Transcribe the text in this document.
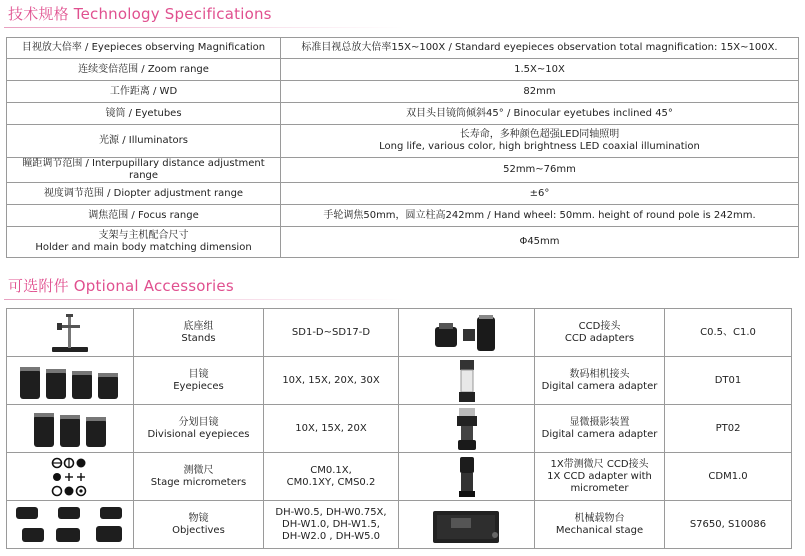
技术规格 Technology Specifications
目视放大倍率 / Eyepieces observing Magnification	标准目视总放大倍率15X~100X / Standard eyepieces observation total magnification: 15X~100X.
连续变倍范围 / Zoom range	1.5X~10X
工作距离 / WD	82mm
镜筒 / Eyetubes	双目头目镜筒倾斜45° / Binocular eyetubes inclined 45°
光源 / Illuminators	长寿命，多种颜色超强LED同轴照明
Long life, various color, high brightness LED coaxial illumination
瞳距调节范围 / Interpupillary distance adjustment range	52mm~76mm
视度调节范围 / Diopter adjustment range	±6°
调焦范围 / Focus range	手轮调焦50mm，圆立柱高242mm / Hand wheel: 50mm. height of round pole is 242mm.
支架与主机配合尺寸
Holder and main body matching dimension	Φ45mm
可选附件 Optional Accessories
	底座组
Stands	SD1-D~SD17-D		CCD接头
CCD adapters	C0.5、C1.0

	目镜
Eyepieces	10X, 15X, 20X, 30X		数码相机接头
Digital camera adapter	DT01

	分划目镜
Divisional eyepieces	10X, 15X, 20X		显微摄影装置
Digital camera adapter	PT02

	测微尺
Stage micrometers	CM0.1X,
CM0.1XY, CMS0.2		1X带测微尺 CCD接头
1X CCD adapter with
micrometer	CDM1.0

	物镜
Objectives	DH-W0.5, DH-W0.75X,
DH-W1.0, DH-W1.5,
DH-W2.0 , DH-W5.0		机械载物台
Mechanical stage	S7650, S10086
